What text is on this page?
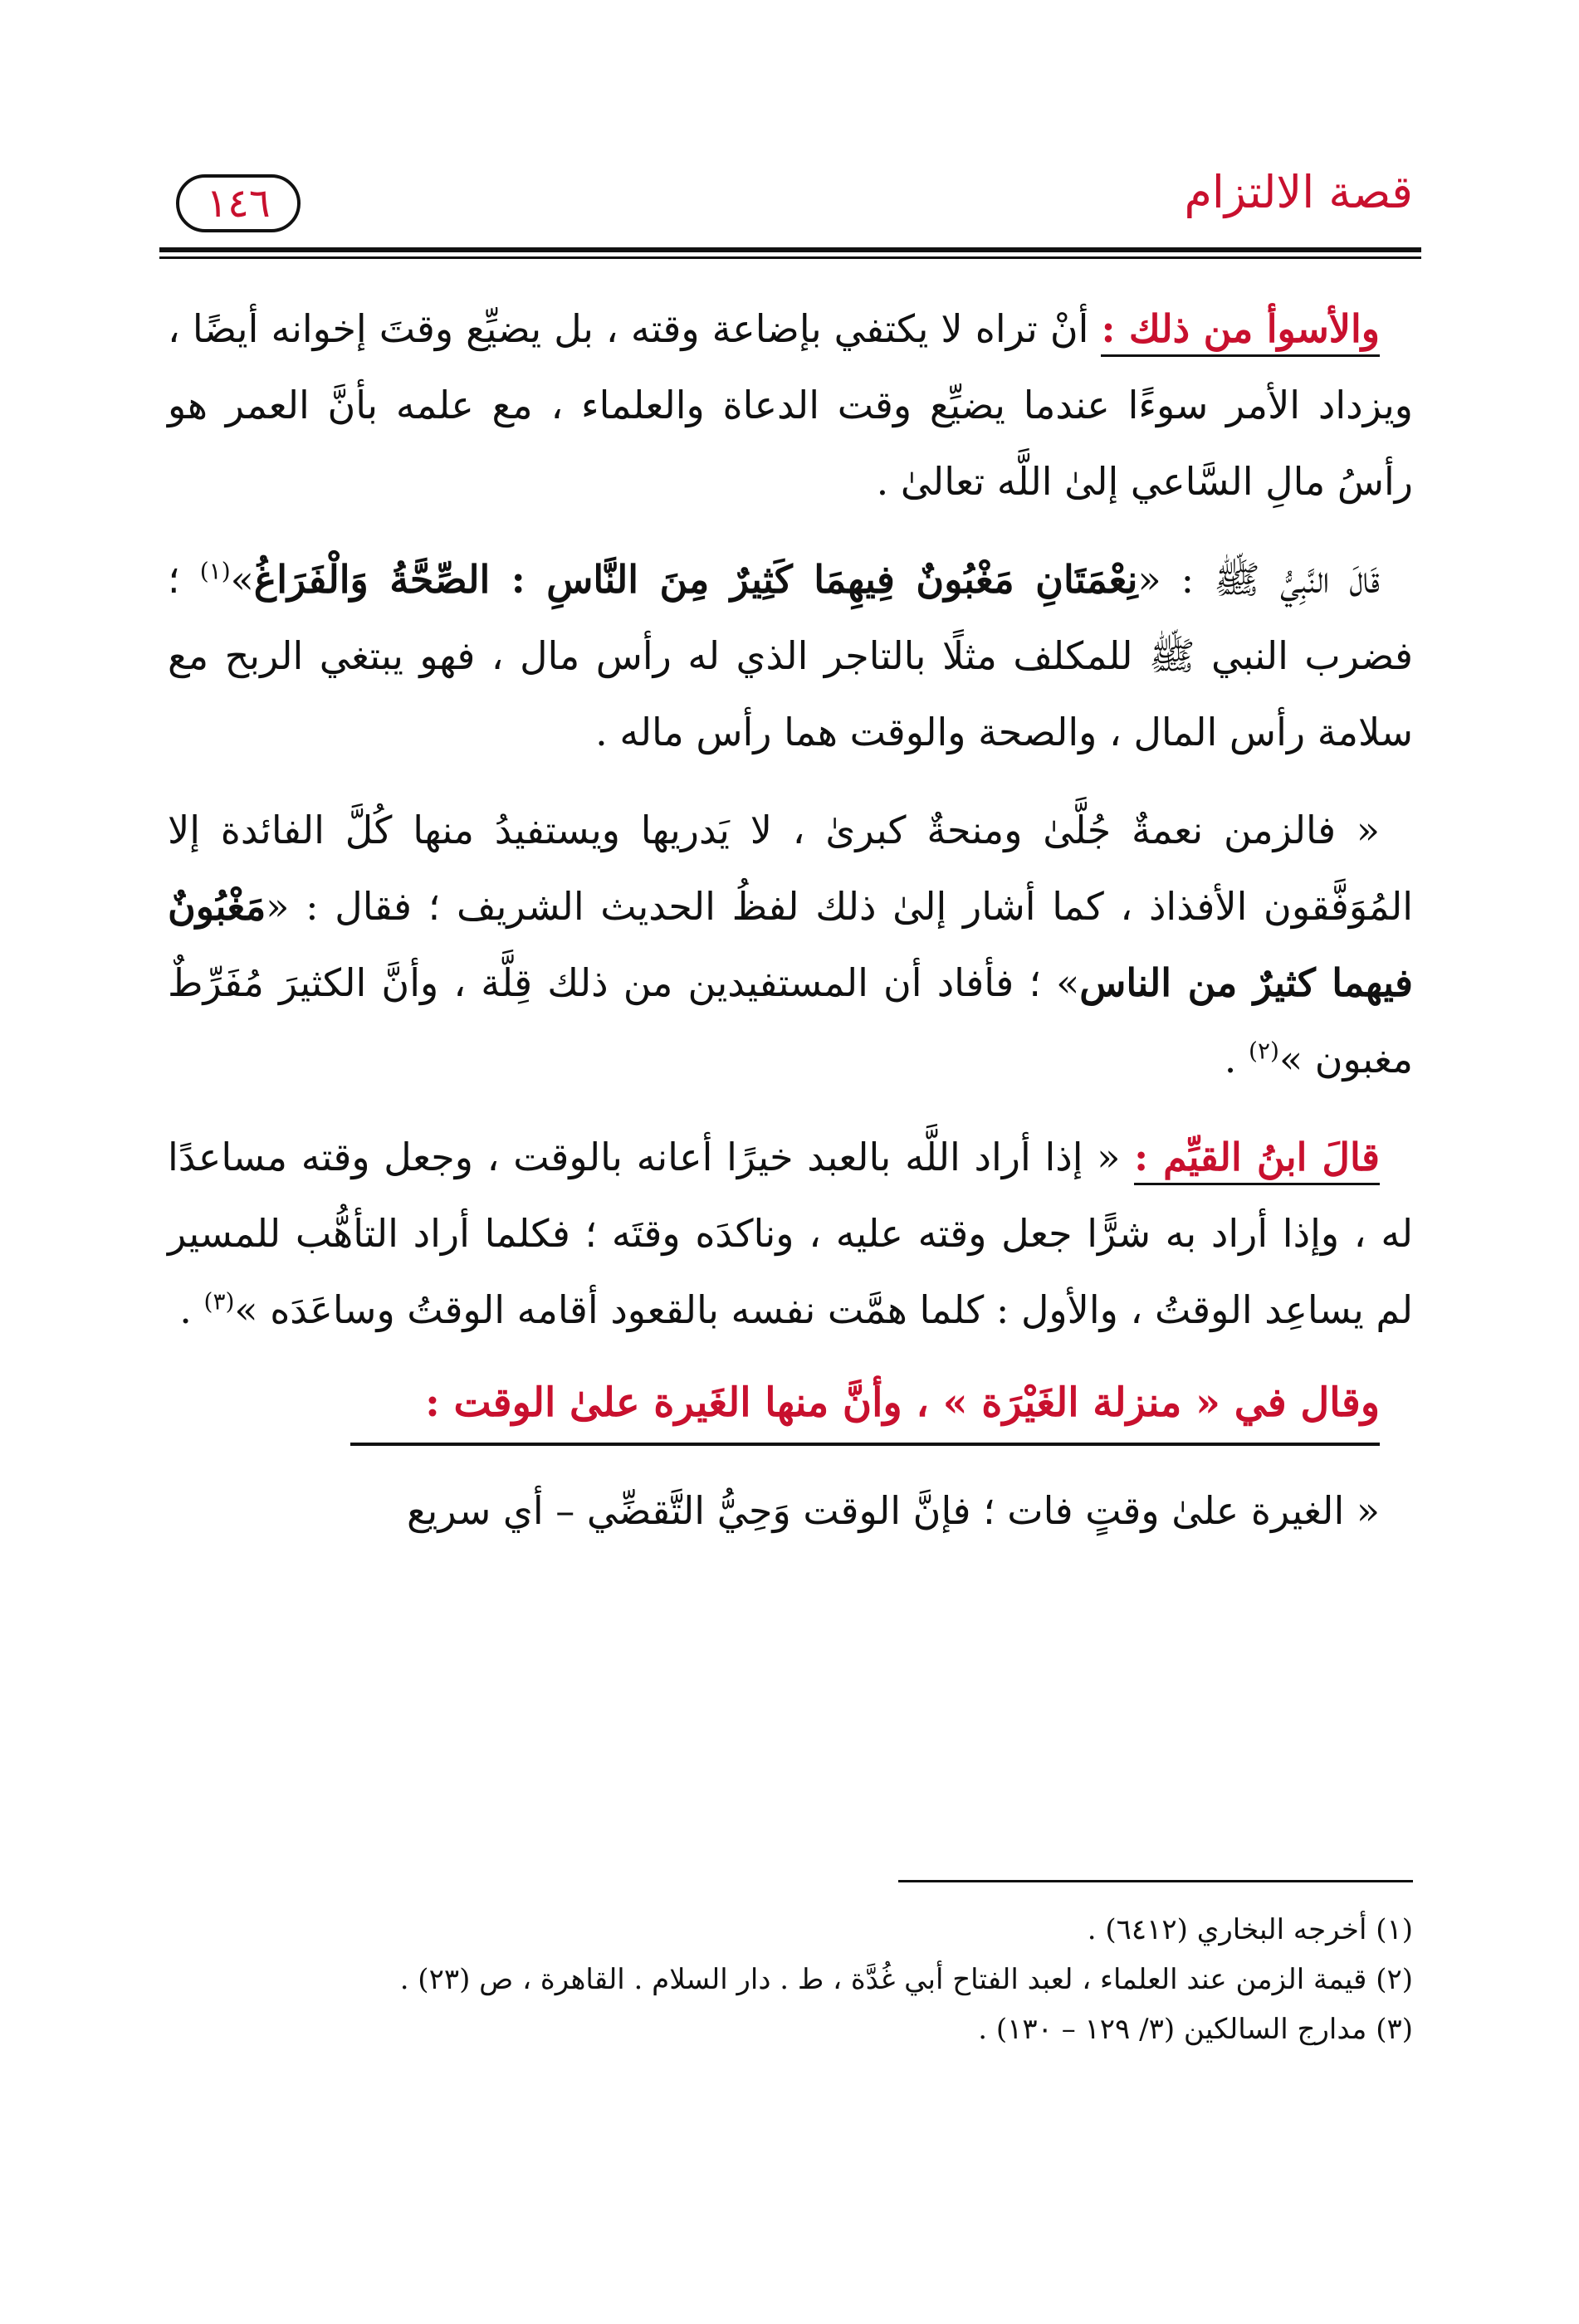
قصة الالتزام
١٤٦

والأسوأ من ذلك : أنْ تراه لا يكتفي بإضاعة وقته ، بل يضيِّع وقتَ إخوانه أيضًا ، ويزداد الأمر سوءًا عندما يضيِّع وقت الدعاة والعلماء ، مع علمه بأنَّ العمر هو رأسُ مالِ السَّاعي إلىٰ اللَّه تعالىٰ .

قَالَ النَّبِيُّ ﷺ : «نِعْمَتَانِ مَغْبُونٌ فِيهِمَا كَثِيرٌ مِنَ النَّاسِ : الصِّحَّةُ وَالْفَرَاغُ»$^{(١)}$ ؛ فضرب النبي ﷺ للمكلف مثلًا بالتاجر الذي له رأس مال ، فهو يبتغي الربح مع سلامة رأس المال ، والصحة والوقت هما رأس ماله .

« فالزمن نعمةٌ جُلَّىٰ ومنحةٌ كبرىٰ ، لا يَدريها ويستفيدُ منها كُلَّ الفائدة إلا المُوَفَّقون الأفذاذ ، كما أشار إلىٰ ذلك لفظُ الحديث الشريف ؛ فقال : «مَغْبُونٌ فيهما كثيرٌ من الناس» ؛ فأفاد أن المستفيدين من ذلك قِلَّة ، وأنَّ الكثيرَ مُفَرِّطٌ مغبون »$^{(٢)}$ .

قالَ ابنُ القيِّم : « إذا أراد اللَّه بالعبد خيرًا أعانه بالوقت ، وجعل وقته مساعدًا له ، وإذا أراد به شرًّا جعل وقته عليه ، وناكدَه وقتَه ؛ فكلما أراد التأهُّب للمسير لم يساعِد الوقتُ ، والأول : كلما همَّت نفسه بالقعود أقامه الوقتُ وساعَدَه »$^{(٣)}$ .

وقال في « منزلة الغَيْرَة » ، وأنَّ منها الغَيرة علىٰ الوقت :

« الغيرة علىٰ وقتٍ فات ؛ فإنَّ الوقت وَحِيُّ التَّقضِّي – أي سريع

(١) أخرجه البخاري (٦٤١٢) .

(٢) قيمة الزمن عند العلماء ، لعبد الفتاح أبي غُدَّة ، ط . دار السلام . القاهرة ، ص (٢٣) .

(٣) مدارج السالكين (٣/ ١٢٩ – ١٣٠) .
